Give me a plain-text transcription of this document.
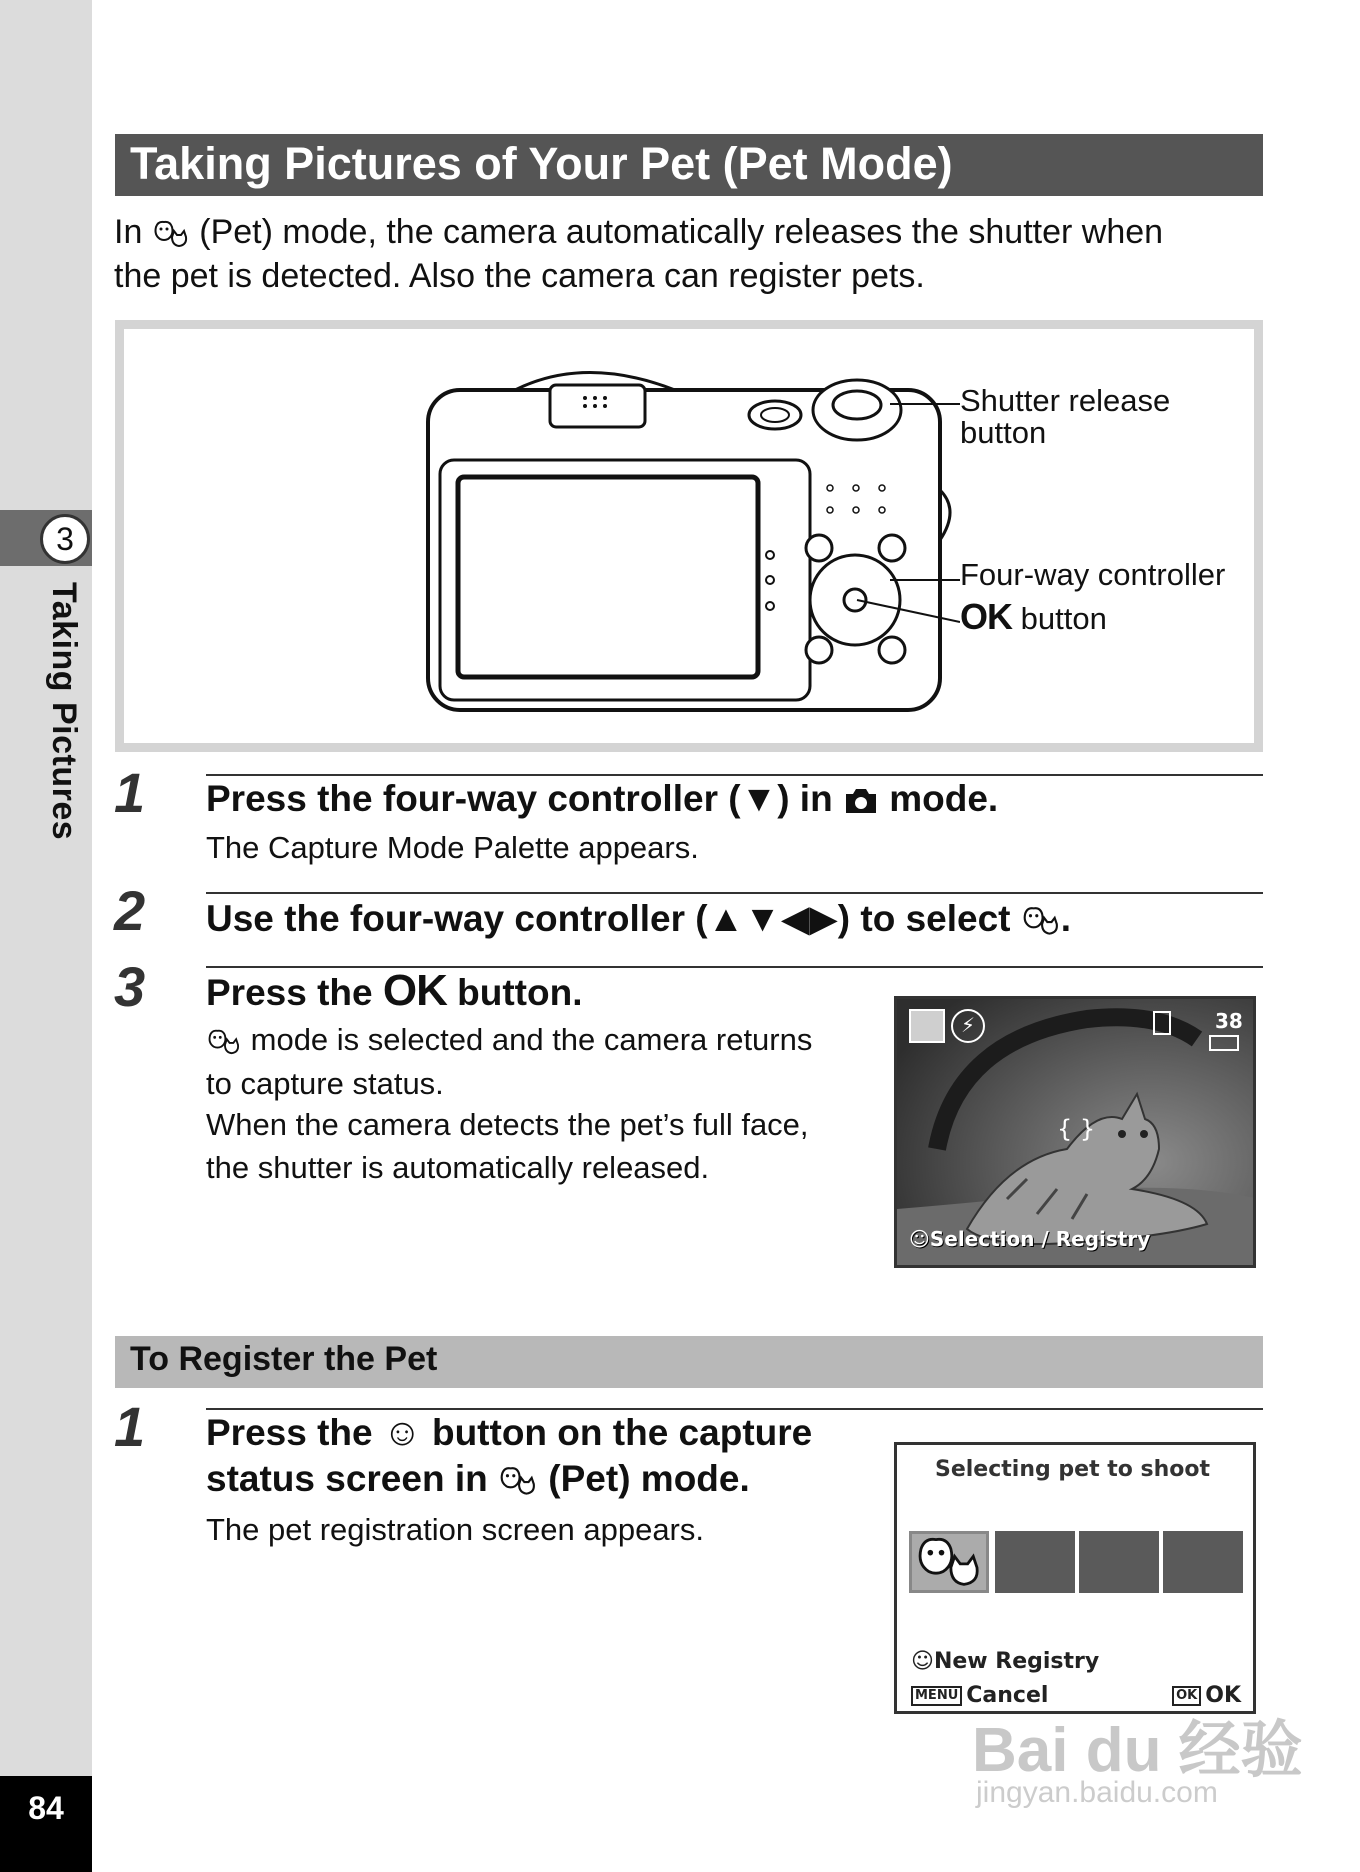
3
Taking Pictures
84
Taking Pictures of Your Pet (Pet Mode)
In (Pet) mode, the camera automatically releases the shutter when
the pet is detected. Also the camera can register pets.
Shutter release
button
Four-way controller
OK button
1 Press the four-way controller (▼) in mode.
The Capture Mode Palette appears.
2 Use the four-way controller (▲▼◀▶) to select .
3 Press the OK button.
mode is selected and the camera returns
to capture status.
When the camera detects the pet’s full face,
the shutter is automatically released.
⚡	38
{ }
☺Selection / Registry
To Register the Pet
1 Press the ☺ button on the capture
status screen in (Pet) mode.
The pet registration screen appears.
Selecting pet to shoot
☺New Registry
MENU Cancel	OK OK
Bai du 经验
jingyan.baidu.com
